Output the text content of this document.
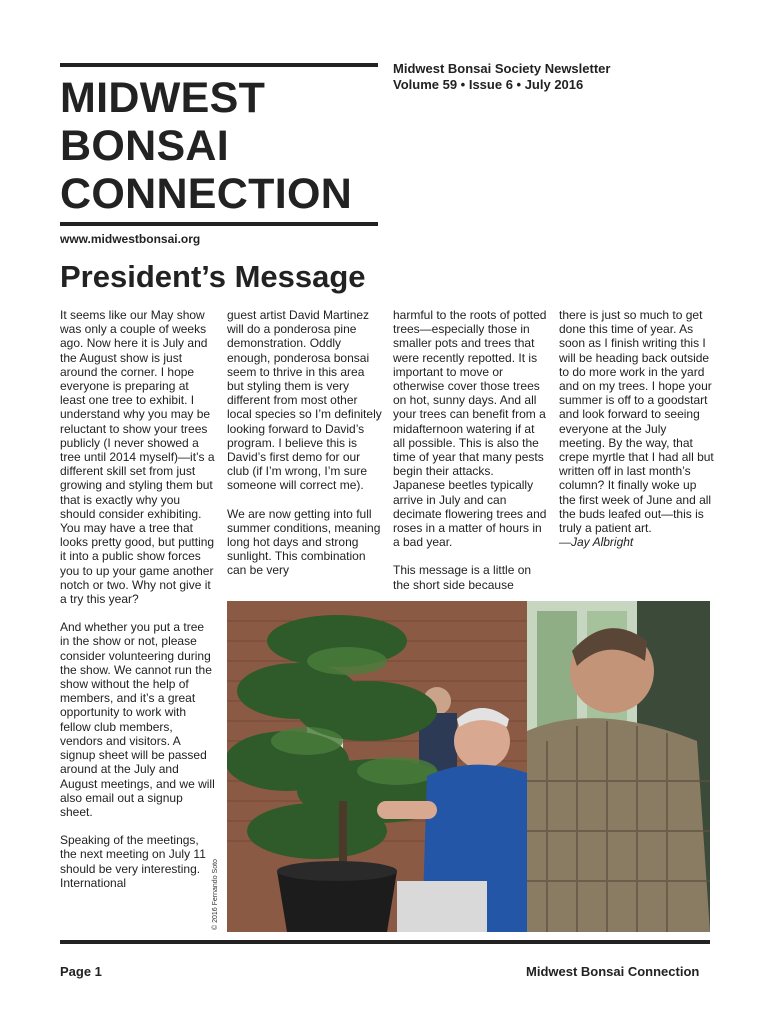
MIDWEST
BONSAI
CONNECTION
www.midwestbonsai.org
Midwest Bonsai Society Newsletter
Volume 59 • Issue 6 • July 2016
President’s Message

It seems like our May show was only a couple of weeks ago. Now here it is July and the August show is just around the corner. I hope everyone is preparing at least one tree to exhibit. I understand why you may be reluctant to show your trees publicly (I never showed a tree until 2014 myself)—it’s a different skill set from just growing and styling them but that is exactly why you should consider exhibiting. You may have a tree that looks pretty good, but putting it into a public show forces you to up your game another notch or two. Why not give it a try this year?

And whether you put a tree in the show or not, please consider volunteering during the show. We cannot run the show without the help of members, and it’s a great opportunity to work with fellow club members, vendors and visitors. A signup sheet will be passed around at the July and August meetings, and we will also email out a signup sheet.

Speaking of the meetings, the next meeting on July 11 should be very interesting. International

guest artist David Martinez will do a ponderosa pine demonstration. Oddly enough, ponderosa bonsai seem to thrive in this area but styling them is very different from most other local species so I’m definitely looking forward to David’s program. I believe this is David’s first demo for our club (if I’m wrong, I’m sure someone will correct me).

We are now getting into full summer conditions, meaning long hot days and strong sunlight. This combination can be very

harmful to the roots of potted trees—especially those in smaller pots and trees that were recently repotted. It is important to move or otherwise cover those trees on hot, sunny days. And all your trees can benefit from a midafternoon watering if at all possible. This is also the time of year that many pests begin their attacks. Japanese beetles typically arrive in July and can decimate flowering trees and roses in a matter of hours in a bad year.

This message is a little on the short side because

there is just so much to get done this time of year. As soon as I finish writing this I will be heading back outside to do more work in the yard and on my trees. I hope your summer is off to a goodstart and look forward to seeing everyone at the July meeting. By the way, that crepe myrtle that I had all but written off in last month’s column? It finally woke up the first week of June and all the buds leafed out—this is truly a patient art.

—Jay Albright

© 2016 Fernando Soto
Page 1	Midwest Bonsai Connection
